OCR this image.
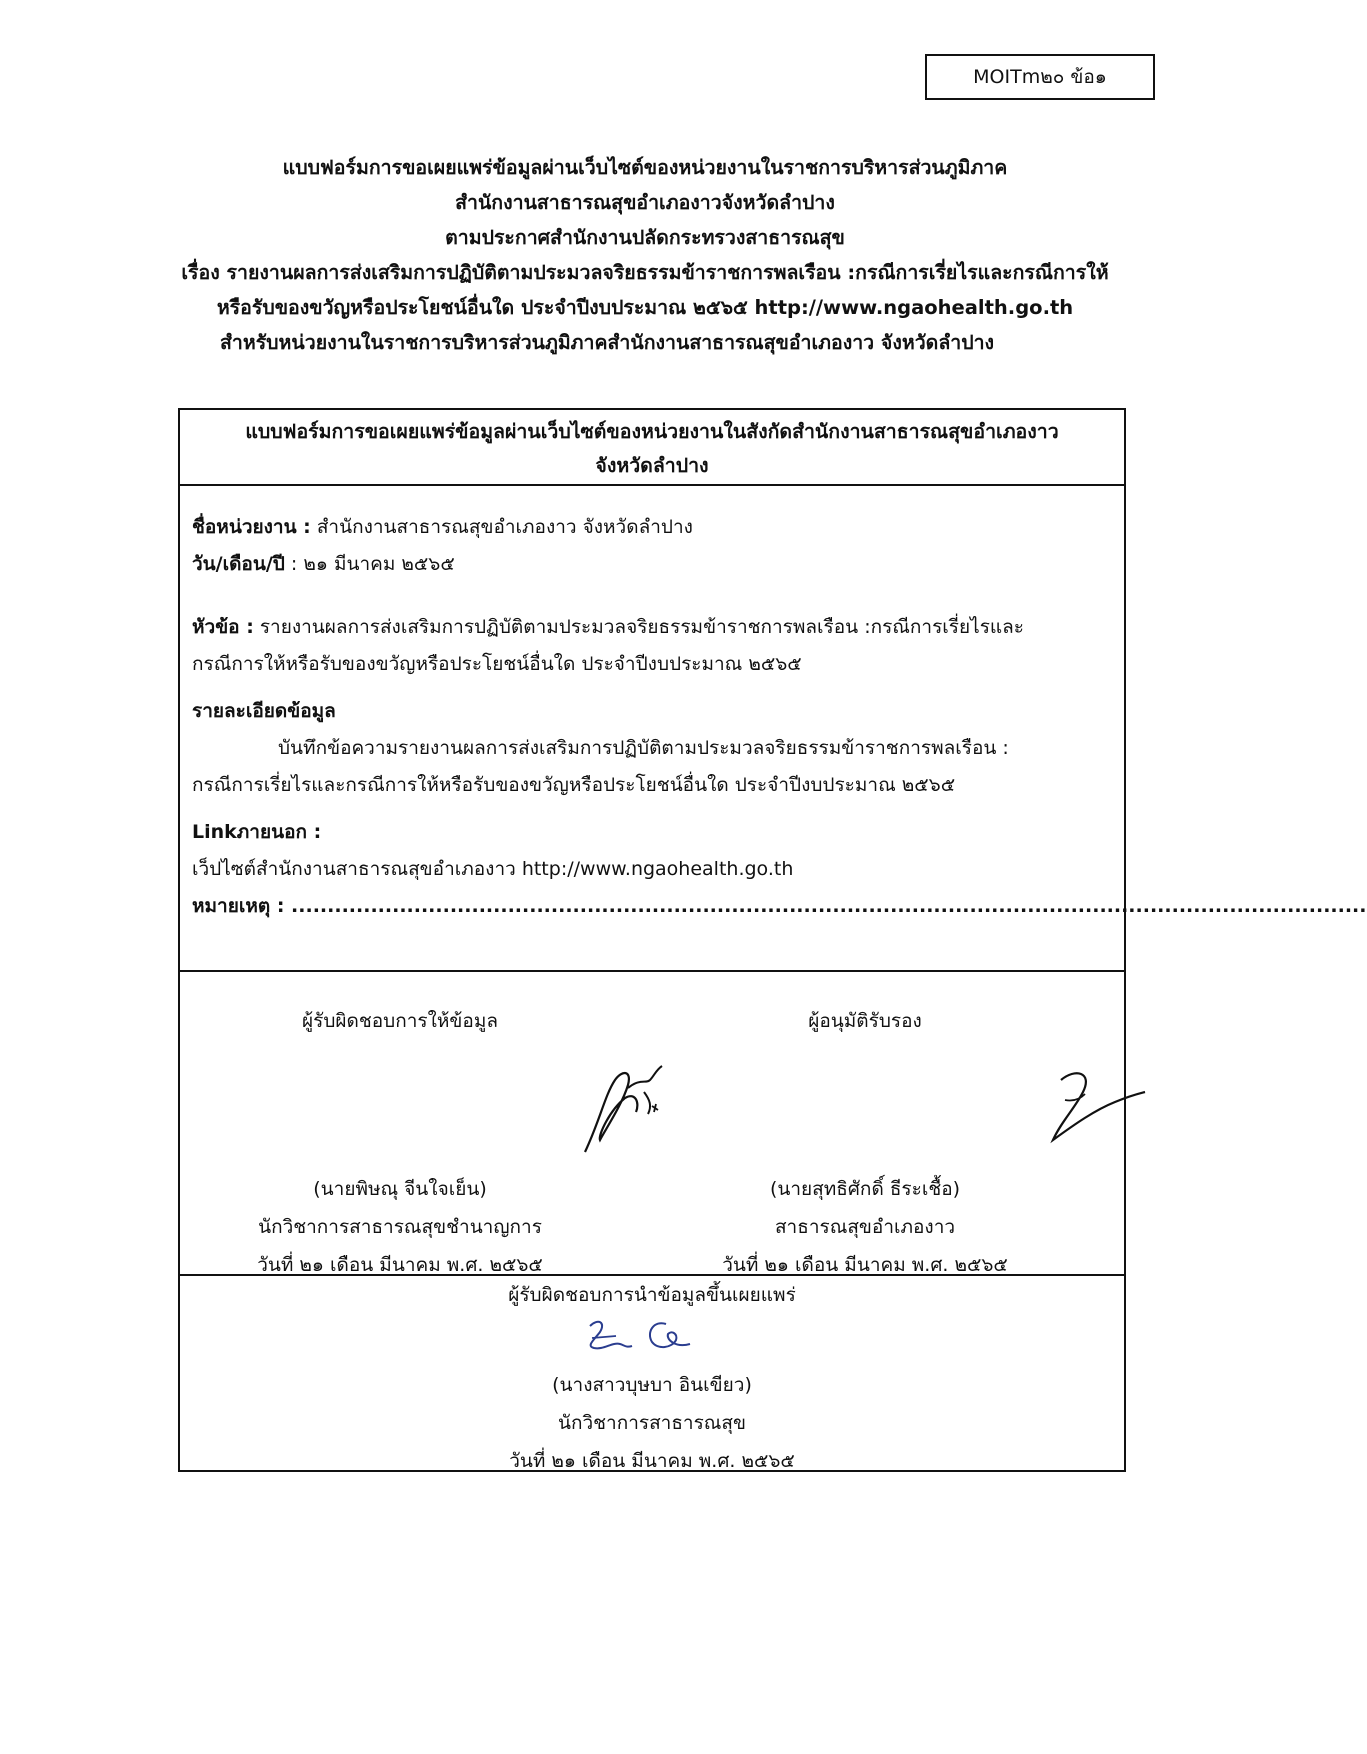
MOITm๒๐ ข้อ๑
แบบฟอร์มการขอเผยแพร่ข้อมูลผ่านเว็บไซต์ของหน่วยงานในราชการบริหารส่วนภูมิภาค
สำนักงานสาธารณสุขอำเภองาวจังหวัดลำปาง
ตามประกาศสำนักงานปลัดกระทรวงสาธารณสุข
เรื่อง รายงานผลการส่งเสริมการปฏิบัติตามประมวลจริยธรรมข้าราชการพลเรือน :กรณีการเรี่ยไรและกรณีการให้
หรือรับของขวัญหรือประโยชน์อื่นใด ประจำปีงบประมาณ ๒๕๖๕ http://www.ngaohealth.go.th
สำหรับหน่วยงานในราชการบริหารส่วนภูมิภาคสำนักงานสาธารณสุขอำเภองาว จังหวัดลำปาง
แบบฟอร์มการขอเผยแพร่ข้อมูลผ่านเว็บไซต์ของหน่วยงานในสังกัดสำนักงานสาธารณสุขอำเภองาว
จังหวัดลำปาง
ชื่อหน่วยงาน : สำนักงานสาธารณสุขอำเภองาว จังหวัดลำปาง
วัน/เดือน/ปี : ๒๑ มีนาคม ๒๕๖๕
หัวข้อ : รายงานผลการส่งเสริมการปฏิบัติตามประมวลจริยธรรมข้าราชการพลเรือน :กรณีการเรี่ยไรและ
กรณีการให้หรือรับของขวัญหรือประโยชน์อื่นใด ประจำปีงบประมาณ ๒๕๖๕
รายละเอียดข้อมูล
บันทึกข้อความรายงานผลการส่งเสริมการปฏิบัติตามประมวลจริยธรรมข้าราชการพลเรือน :
กรณีการเรี่ยไรและกรณีการให้หรือรับของขวัญหรือประโยชน์อื่นใด ประจำปีงบประมาณ ๒๕๖๕
Linkภายนอก :
เว็ปไซต์สำนักงานสาธารณสุขอำเภองาว http://www.ngaohealth.go.th
หมายเหตุ : .....................................................................................................................................................
ผู้รับผิดชอบการให้ข้อมูล
(นายพิษณุ จีนใจเย็น)
นักวิชาการสาธารณสุขชำนาญการ
วันที่ ๒๑ เดือน มีนาคม พ.ศ. ๒๕๖๕
ผู้อนุมัติรับรอง
(นายสุทธิศักดิ์ ธีระเชื้อ)
สาธารณสุขอำเภองาว
วันที่ ๒๑ เดือน มีนาคม พ.ศ. ๒๕๖๕
ผู้รับผิดชอบการนำข้อมูลขึ้นเผยแพร่
(นางสาวบุษบา อินเขียว)
นักวิชาการสาธารณสุข
วันที่ ๒๑ เดือน มีนาคม พ.ศ. ๒๕๖๕
